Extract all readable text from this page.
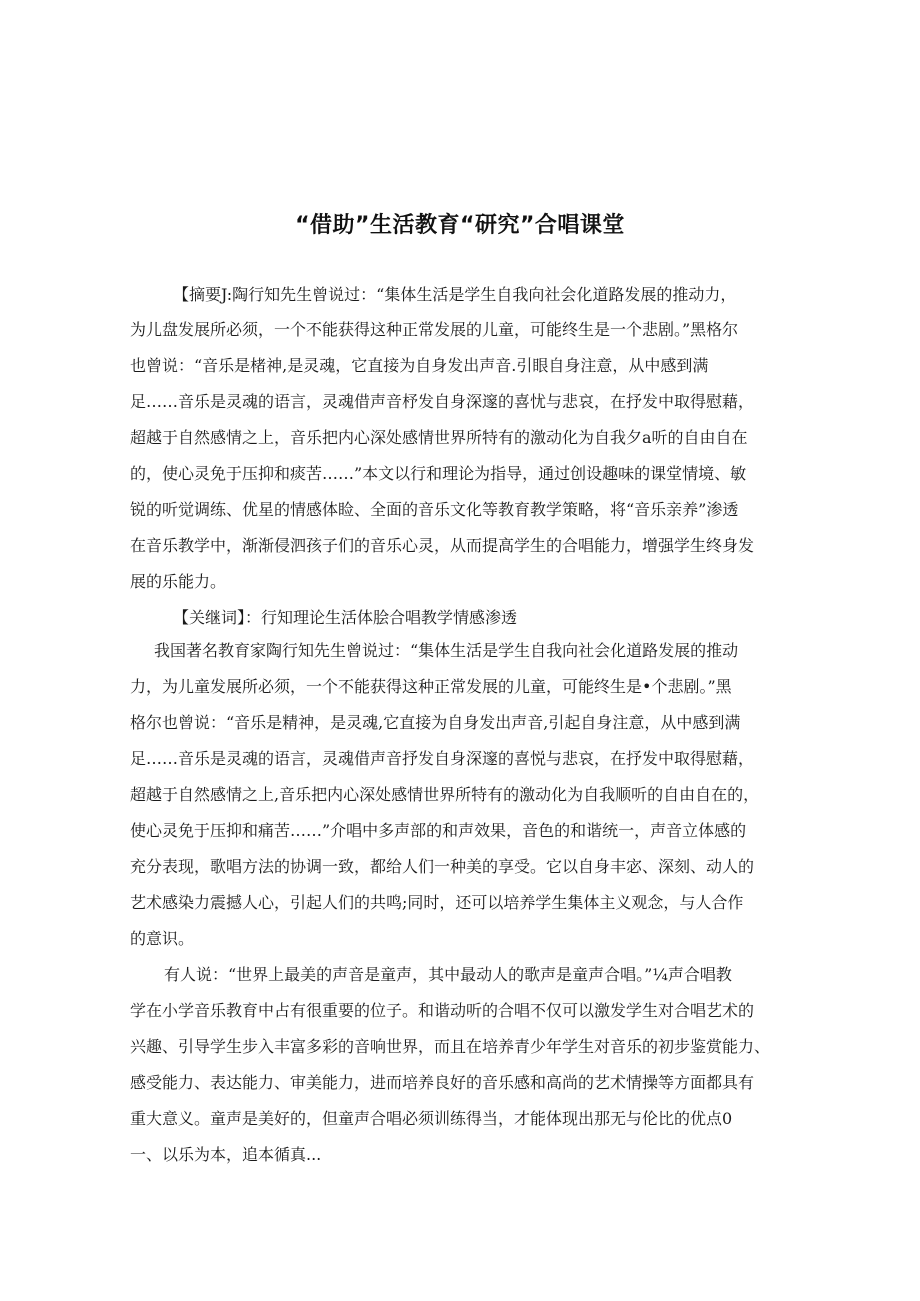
“借助”生活教育“研究”合唱课堂
【摘要J:陶行知先生曾说过：“集体生活是学生自我向社会化道路发展的推动力，
为儿盘发展所必须，一个不能获得这种正常发展的儿童，可能终生是一个悲剧。”黑格尔
也曾说：“音乐是楮神,是灵魂，它直接为自身发出声音.引眼自身注意，从中感到满
足……音乐是灵魂的语言，灵魂借声音杼发自身深邃的喜忧与悲哀，在抒发中取得慰藉，
超越于自然感情之上，音乐把内心深处感情世界所特有的激动化为自我夕a听的自由自在
的，使心灵免于压抑和痰苦……”本文以行和理论为指导，通过创设趣味的课堂情境、敏
锐的听觉调练、优星的情感体睑、全面的音乐文化等教育教学策略，将“音乐亲养”渗透
在音乐教学中，渐渐侵泗孩子们的音乐心灵，从而提高学生的合唱能力，增强学生终身发
展的乐能力。
【关继词】：行知理论生活体脍合唱教学情感渗透
我国著名教育家陶行知先生曾说过：“集体生活是学生自我向社会化道路发展的推动
力，为儿童发展所必须，一个不能获得这种正常发展的儿童，可能终生是•个悲剧。”黑
格尔也曾说：“音乐是精神，是灵魂,它直接为自身发出声音,引起自身注意，从中感到满
足……音乐是灵魂的语言，灵魂借声音抒发自身深邃的喜悦与悲哀，在抒发中取得慰藉，
超越于自然感情之上,音乐把内心深处感情世界所特有的激动化为自我顺听的自由自在的，
使心灵免于压抑和痛苦……”介唱中多声部的和声效果，音色的和谐统一，声音立体感的
充分表现，歌唱方法的协调一致，都给人们一种美的享受。它以自身丰宓、深刻、动人的
艺术感染力震撼人心，引起人们的共鸣;同时，还可以培养学生集体主义观念，与人合作
的意识。
有人说：“世界上最美的声音是童声，其中最动人的歌声是童声合唱。”¼声合唱教
学在小学音乐教育中占有很重要的位子。和谐动听的合唱不仅可以激发学生对合唱艺术的
兴趣、引导学生步入丰富多彩的音响世界，而且在培养青少年学生对音乐的初步鉴赏能力、
感受能力、表达能力、审美能力，进而培养良好的音乐感和高尚的艺术情操等方面都具有
重大意义。童声是美好的，但童声合唱必须训练得当，才能体现出那无与伦比的优点0
一、以乐为本，追本循真...
